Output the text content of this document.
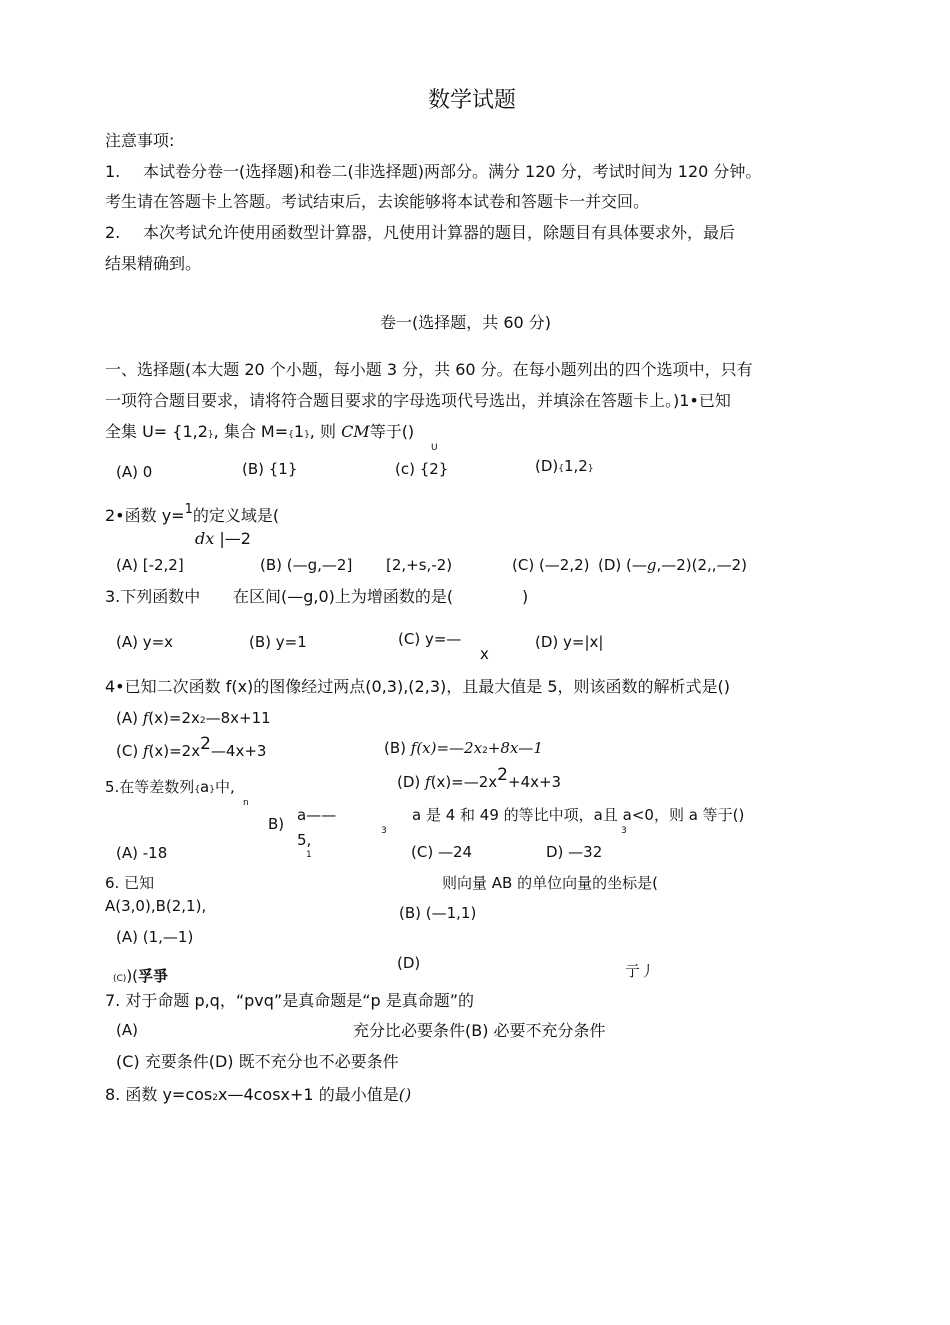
数学试题
注意事项:
1. 本试卷分卷一(选择题)和卷二(非选择题)两部分。满分 120 分，考试时间为 120 分钟。
考生请在答题卡上答题。考试结束后，去诶能够将本试卷和答题卡一并交回。
2. 本次考试允许使用函数型计算器，凡使用计算器的题目，除题目有具体要求外，最后
结果精确到。
卷一(选择题，共 60 分)
一、选择题(本大题 20 个小题，每小题 3 分，共 60 分。在每小题列出的四个选项中，只有
一项符合题目要求，请将符合题目要求的字母选项代号选出，并填涂在答题卡上。)1•已知
全集 U= {1,2}, 集合 M={1}, 则 CM等于()
U
(A) 0	(B) {1}	(c) {2}	(D){1,2}
2•函数 y=$^1$的定义域是(
dx |—2
(A) [-2,2]	(B) (—g,—2] [2,+s,-2)	(C) (—2,2) (D) (—g,—2)(2,,—2)
3.下列函数中 在区间(—g,0)上为增函数的是(	)
(A) y=x	(B) y=1	(C) y=—
x
(D) y=|x|
4•已知二次函数 f(x)的图像经过两点(0,3),(2,3)，且最大值是 5，则该函数的解析式是()
(A) f(x)=2x2—8x+11
(C) f(x)=2x2—4x+3	(B) f(x)=—2x2+8x—1
(D) f(x)=—2x2+4x+3
5.在等差数列{a}中,
n
B) a——
5,
1
3
a 是 4 和 49 的等比中项，a且 a<0，则 a 等于()
3
(A) -18	(C) —24	D) —32
6. 已知
A(3,0),B(2,1),
则向量 AB 的单位向量的坐标是(
(B) (—1,1)
(A) (1,—1)
(D)	亍丿
(C))(孚爭
7. 对于命题 p,q，“pvq”是真命题是“p 是真命题”的
(A)	充分比必要条件(B) 必要不充分条件
(C) 充要条件(D) 既不充分也不必要条件
8. 函数 y=cos2x—4cosx+1 的最小值是()
